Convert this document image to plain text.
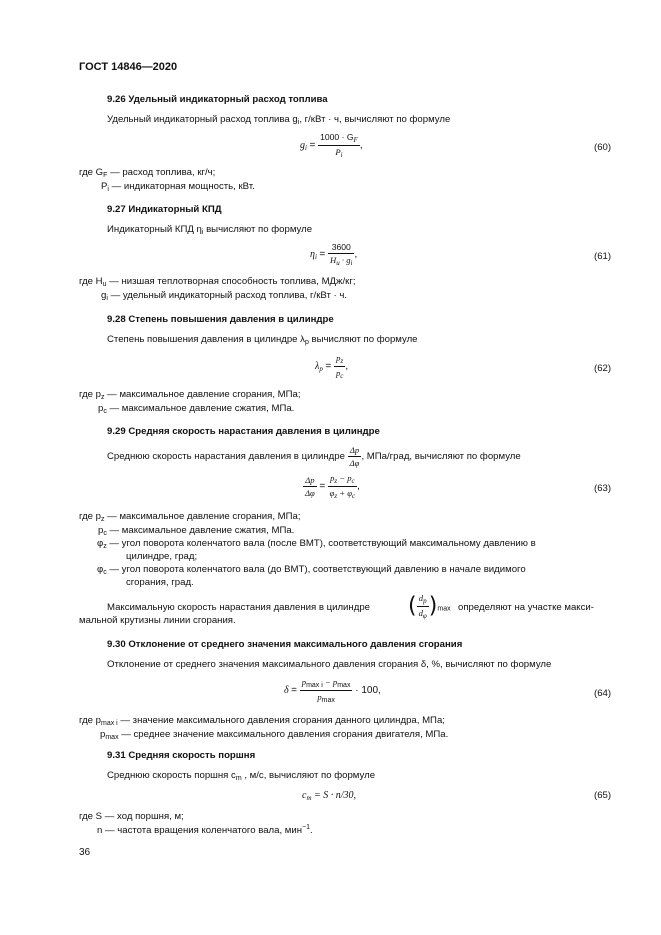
ГОСТ 14846—2020
9.26 Удельный индикаторный расход топлива
Удельный индикаторный расход топлива $g_i$, г/кВт · ч, вычисляют по формуле
$g_i = \frac{1000 \cdot G_F}{P_i}$ ,	(60)
где $G_F$ — расход топлива, кг/ч;
$P_i$ — индикаторная мощность, кВт.
9.27 Индикаторный КПД
Индикаторный КПД $\eta_i$ вычисляют по формуле
$\eta_i = \frac{3600}{H_u \cdot g_i}$ ,	(61)
где $H_u$ — низшая теплотворная способность топлива, МДж/кг;
$g_i$ — удельный индикаторный расход топлива, г/кВт · ч.
9.28 Степень повышения давления в цилиндре
Степень повышения давления в цилиндре $\lambda_p$ вычисляют по формуле
$\lambda_p = \frac{p_z}{p_c}$ ,	(62)
где $p_z$ — максимальное давление сгорания, МПа;
$p_c$ — максимальное давление сжатия, МПа.
9.29 Средняя скорость нарастания давления в цилиндре
Среднюю скорость нарастания давления в цилиндре $\frac{\Delta p}{\Delta\varphi}$ , МПа/град, вычисляют по формуле
$\frac{\Delta p}{\Delta\varphi} = \frac{p_z - p_c}{\varphi_z + \varphi_c}$ ,	(63)
где $p_z$ — максимальное давление сгорания, МПа;
$p_c$ — максимальное давление сжатия, МПа.
$\varphi_z$ — угол поворота коленчатого вала (после ВМТ), соответствующий максимальному давлению в
цилиндре, град;
$\varphi_c$ — угол поворота коленчатого вала (до ВМТ), соответствующий давлению в начале видимого
сгорания, град.
Максимальную скорость нарастания давления в цилиндре ( $\frac{d_p}{d_\varphi} )_{max}$ определяют на участке макси-
мальной крутизны линии сгорания.
9.30 Отклонение от среднего значения максимального давления сгорания
Отклонение от среднего значения максимального давления сгорания δ, %, вычисляют по формуле
$\delta = \frac{p_{max i} - p_{max}}{p_{max}} \cdot 100$,	(64)
где $p_{max i}$ — значение максимального давления сгорания данного цилиндра, МПа;
$p_{max}$ — среднее значение максимального давления сгорания двигателя, МПа.
9.31 Средняя скорость поршня
Среднюю скорость поршня $c_m$ , м/с, вычисляют по формуле
$c_m = S \cdot n/30$,	(65)
где S — ход поршня, м;
n — частота вращения коленчатого вала, мин$^{-1}$.
36
